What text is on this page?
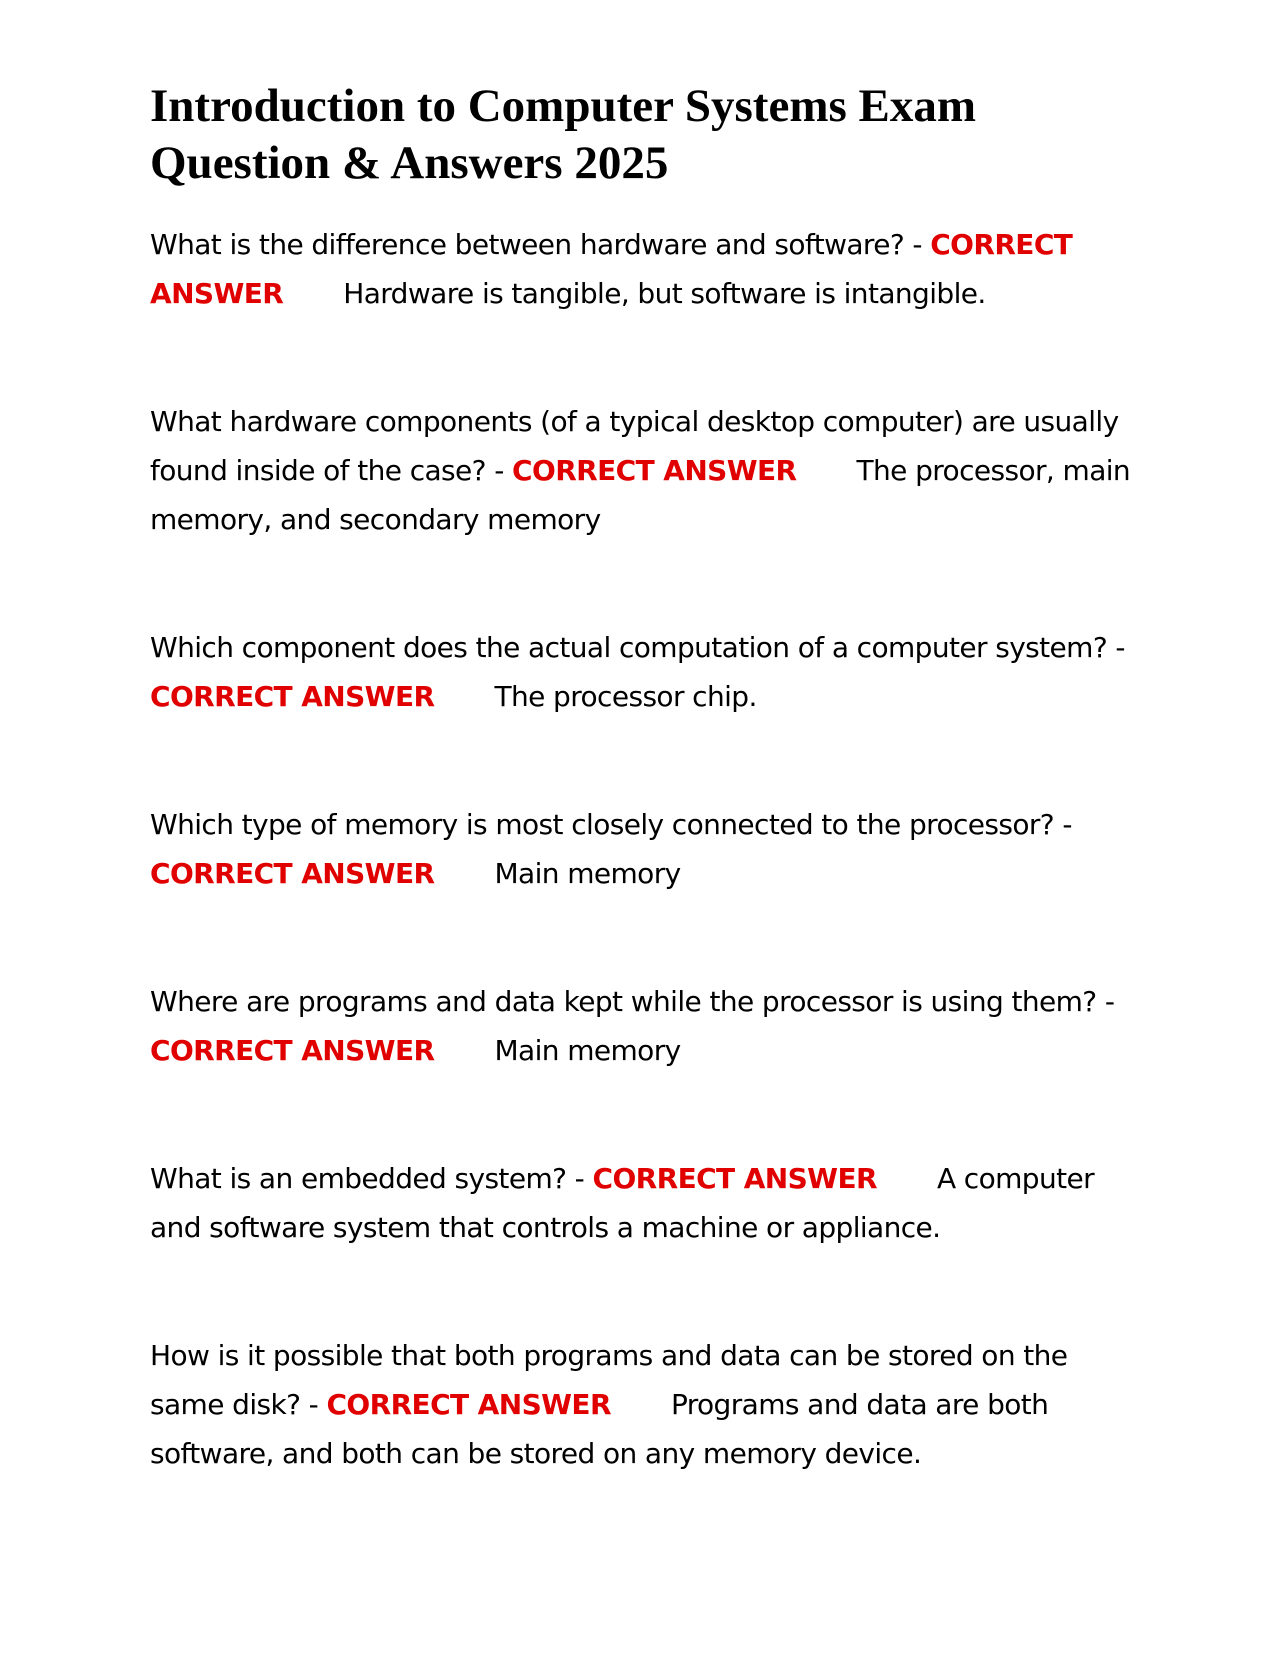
Introduction to Computer Systems Exam Question & Answers 2025

What is the difference between hardware and software? - CORRECT ANSWER Hardware is tangible, but software is intangible.

What hardware components (of a typical desktop computer) are usually found inside of the case? - CORRECT ANSWER The processor, main memory, and secondary memory

Which component does the actual computation of a computer system? - CORRECT ANSWER The processor chip.

Which type of memory is most closely connected to the processor? - CORRECT ANSWER Main memory

Where are programs and data kept while the processor is using them? - CORRECT ANSWER Main memory

What is an embedded system? - CORRECT ANSWER A computer and software system that controls a machine or appliance.

How is it possible that both programs and data can be stored on the same disk? - CORRECT ANSWER Programs and data are both software, and both can be stored on any memory device.
